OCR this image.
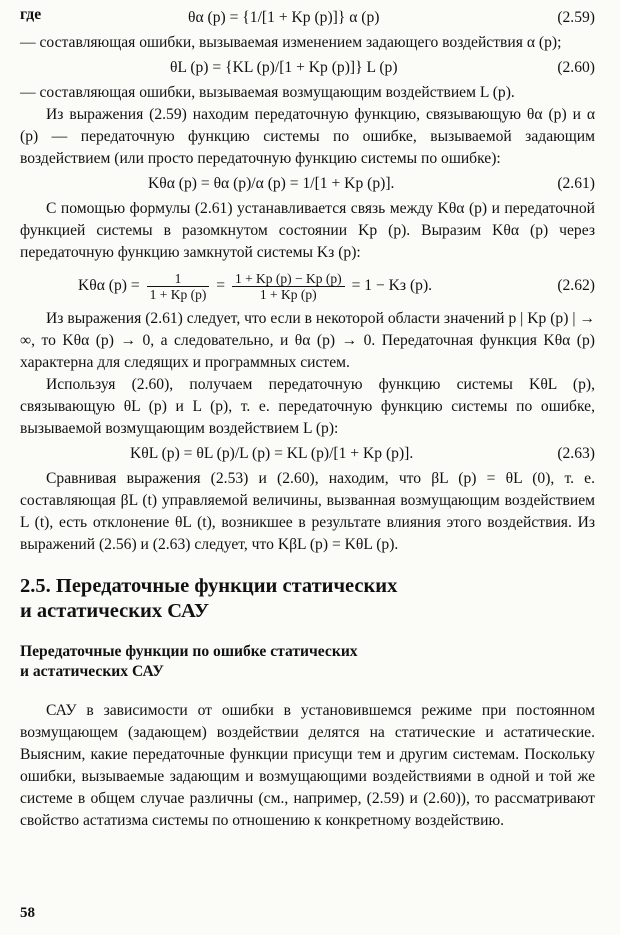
где	θα (p) = {1/[1 + Kр (p)]} α (p)	(2.59)

— составляющая ошибки, вызываемая изменением задающего воздействия α (p);

θL (p) = {KL (p)/[1 + Kр (p)]} L (p)	(2.60)

— составляющая ошибки, вызываемая возмущающим воздействием L (p).

Из выражения (2.59) находим передаточную функцию, связывающую θα (p) и α (p) — передаточную функцию системы по ошибке, вызываемой задающим воздействием (или просто передаточную функцию системы по ошибке):

Kθα (p) = θα (p)/α (p) = 1/[1 + Kр (p)].	(2.61)

С помощью формулы (2.61) устанавливается связь между Kθα (p) и передаточной функцией системы в разомкнутом состоянии Kр (p). Выразим Kθα (p) через передаточную функцию замкнутой системы Kз (p):

Kθα $(p) = \frac{1}{1 + Kр (p)} = \frac{1 + Kр (p) - Kр (p)}{1 + Kр (p)} = 1$ − Kз (p).	(2.62)

Из выражения (2.61) следует, что если в некоторой области значений p | Kр (p) | → ∞, то Kθα (p) → 0, а следовательно, и θα (p) → 0. Передаточная функция Kθα (p) характерна для следящих и программных систем.

Используя (2.60), получаем передаточную функцию системы KθL (p), связывающую θL (p) и L (p), т. е. передаточную функцию системы по ошибке, вызываемой возмущающим воздействием L (p):

KθL (p) = θL (p)/L (p) = KL (p)/[1 + Kр (p)].	(2.63)

Сравнивая выражения (2.53) и (2.60), находим, что βL (p) = θL (0), т. е. составляющая βL (t) управляемой величины, вызванная возмущающим воздействием L (t), есть отклонение θL (t), возникшее в результате влияния этого воздействия. Из выражений (2.56) и (2.63) следует, что KβL (p) = KθL (p).

2.5. Передаточные функции статических
и астатических САУ
Передаточные функции по ошибке статических
и астатических САУ

САУ в зависимости от ошибки в установившемся режиме при постоянном возмущающем (задающем) воздействии делятся на статические и астатические. Выясним, какие передаточные функции присущи тем и другим системам. Поскольку ошибки, вызываемые задающим и возмущающими воздействиями в одной и той же системе в общем случае различны (см., например, (2.59) и (2.60)), то рассматривают свойство астатизма системы по отношению к конкретному воздействию.

58
